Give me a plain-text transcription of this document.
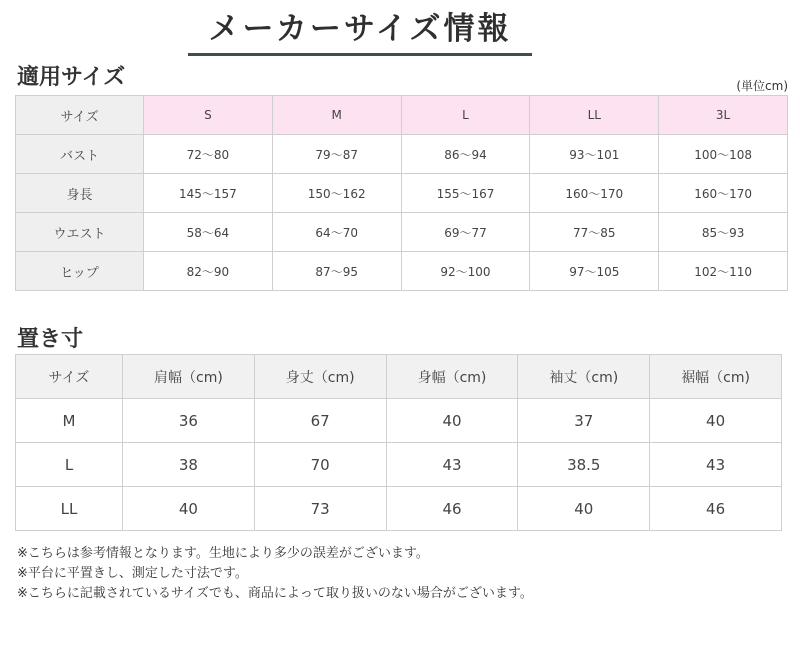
メーカーサイズ情報
適用サイズ	(単位cm)
サイズ	S	M	L	LL	3L
バスト	72～80	79～87	86～94	93～101	100～108
身長	145～157	150～162	155～167	160～170	160～170
ウエスト	58～64	64～70	69～77	77～85	85～93
ヒップ	82～90	87～95	92～100	97～105	102～110
置き寸
サイズ	肩幅（cm)	身丈（cm)	身幅（cm)	袖丈（cm)	裾幅（cm)
M	36	67	40	37	40
L	38	70	43	38.5	43
LL	40	73	46	40	46
※こちらは参考情報となります。生地により多少の誤差がございます。
※平台に平置きし、測定した寸法です。
※こちらに記載されているサイズでも、商品によって取り扱いのない場合がございます。
